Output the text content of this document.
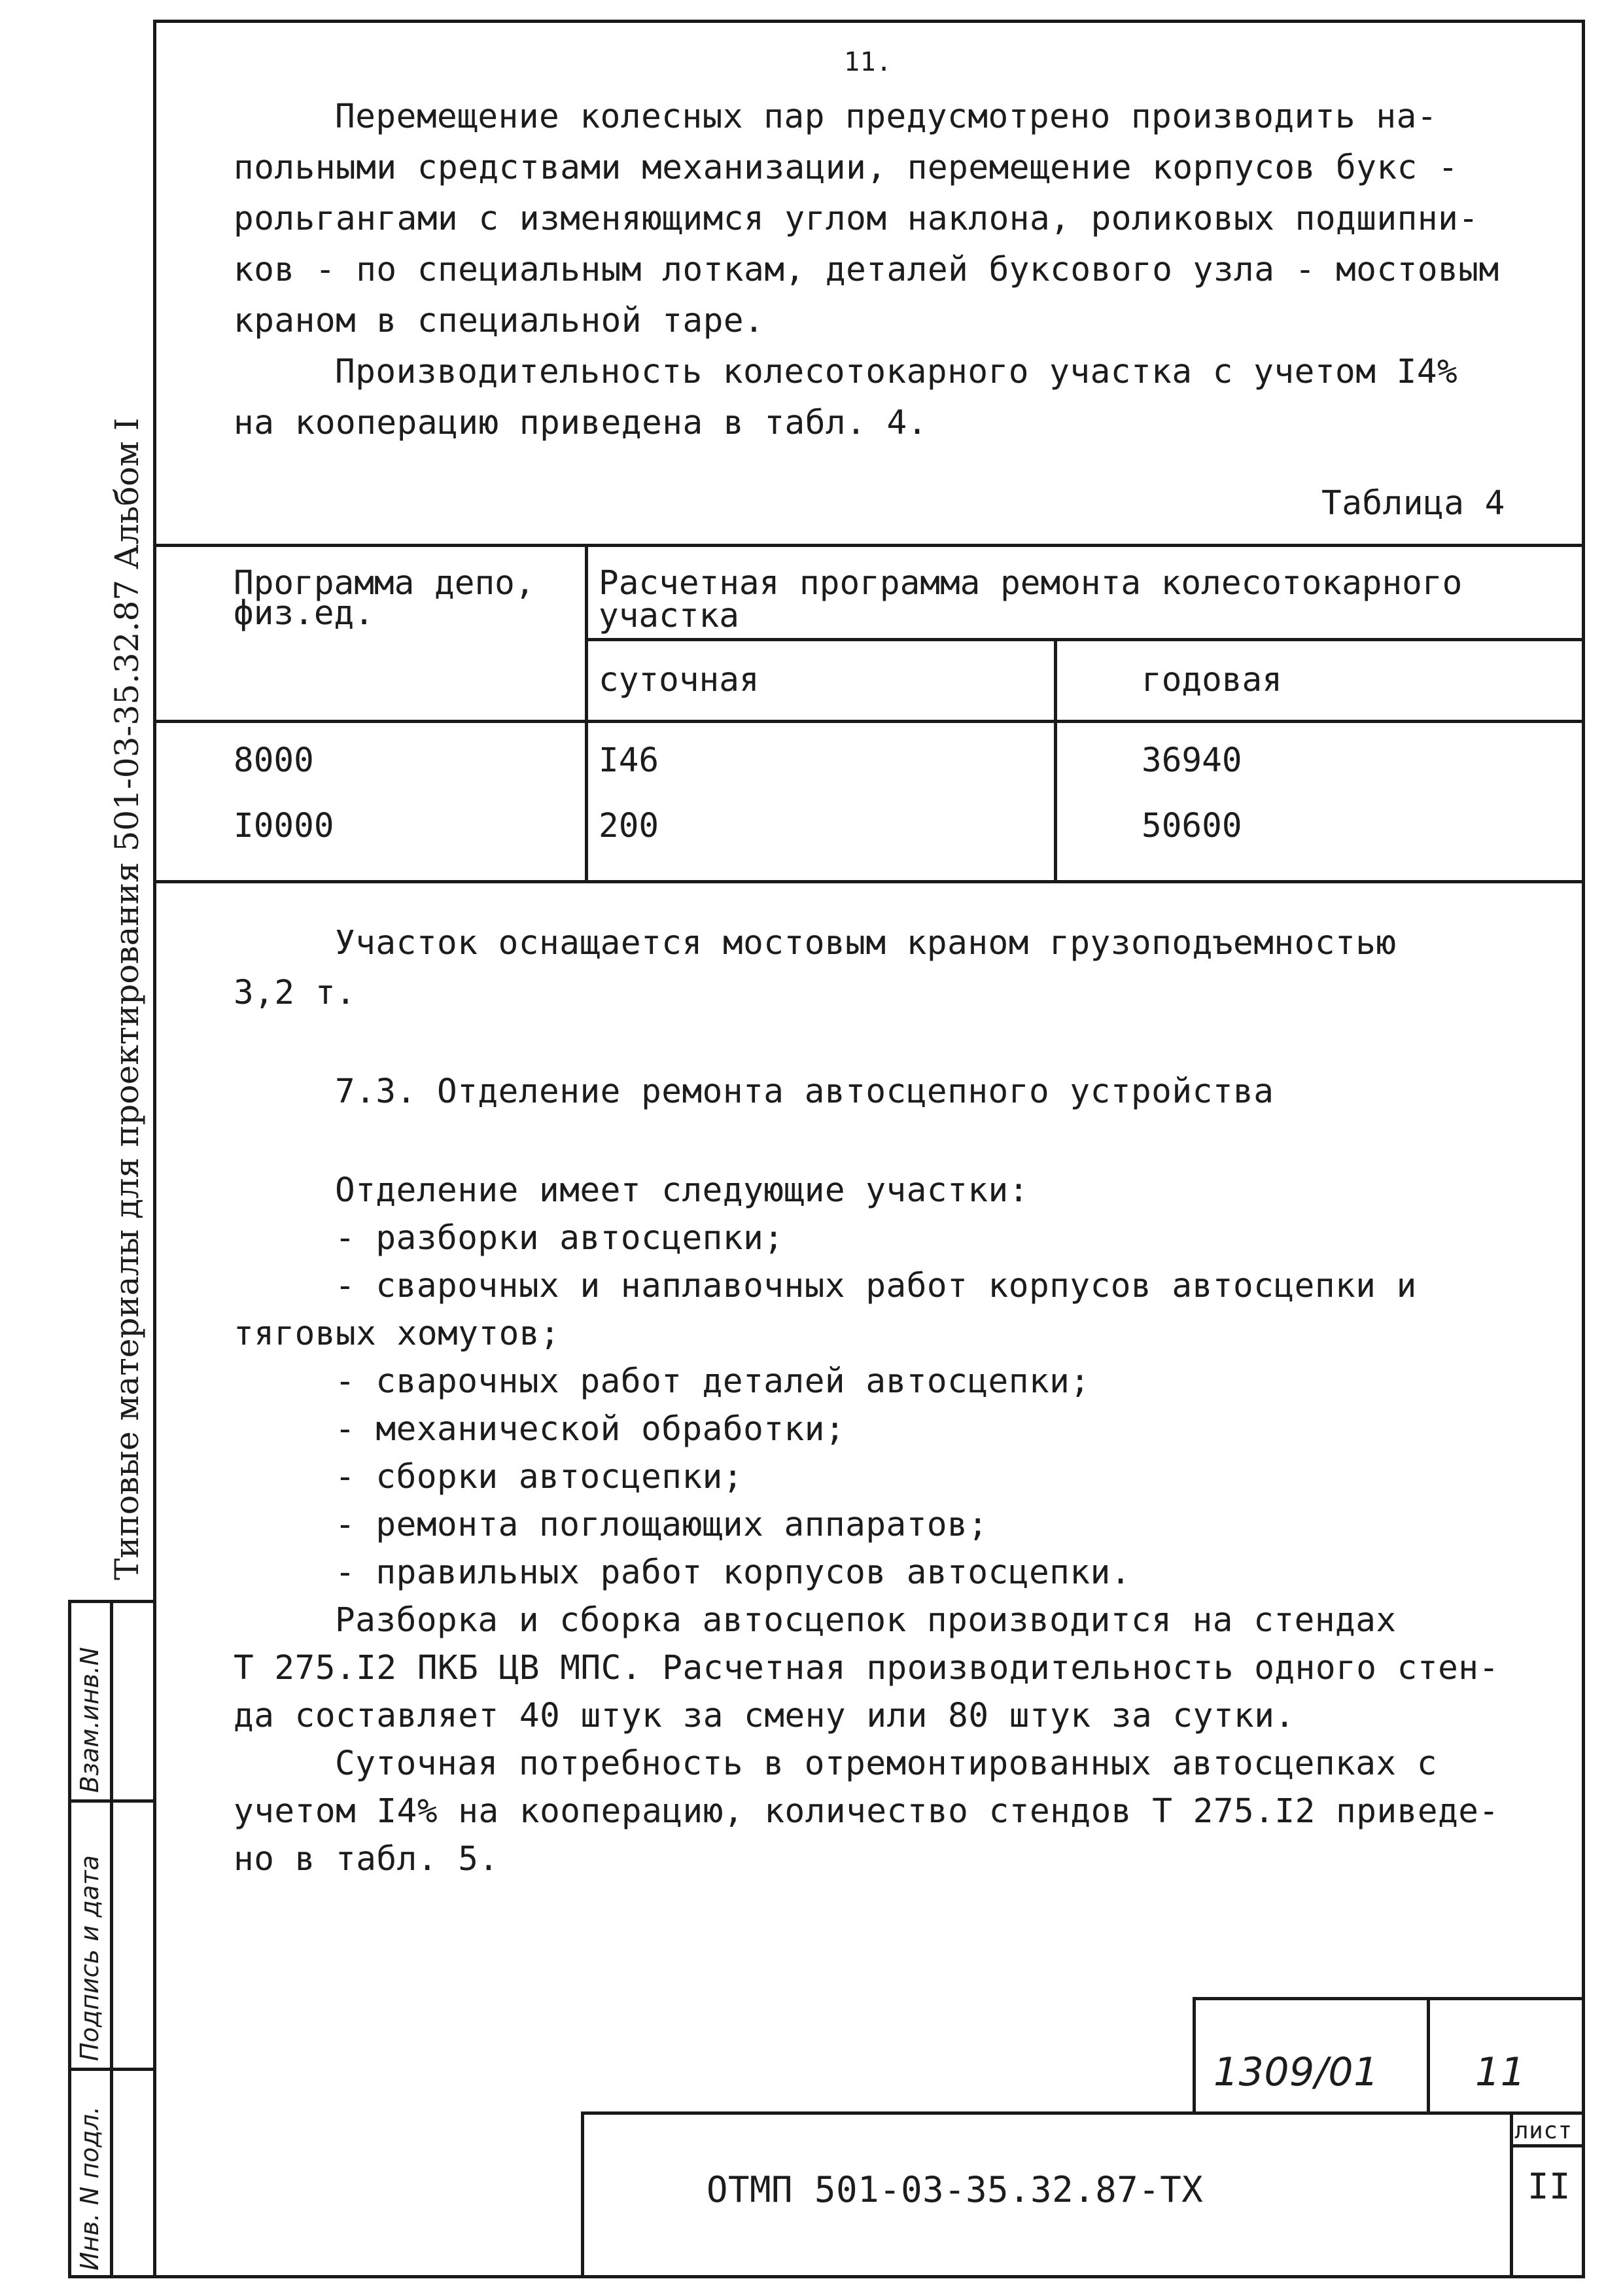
Инв. N подл.
Подпись и дата
Взам.инв.N
Типовые материалы для проектирования 501-03-35.32.87 Альбом I
11.
Перемещение колесных пар предусмотрено производить на-
польными средствами механизации, перемещение корпусов букс -
рольгангами с изменяющимся углом наклона, роликовых подшипни-
ков - по специальным лоткам, деталей буксового узла - мостовым
краном в специальной таре.
Производительность колесотокарного участка с учетом I4%
на кооперацию приведена в табл. 4.
Таблица 4
Программа депо,
физ.ед.
Расчетная программа ремонта колесотокарного
участка
суточная	годовая
8000	I46	36940
I0000	200	50600
Участок оснащается мостовым краном грузоподъемностью
3,2 т.
7.3. Отделение ремонта автосцепного устройства
Отделение имеет следующие участки:
- разборки автосцепки;
- сварочных и наплавочных работ корпусов автосцепки и
тяговых хомутов;
- сварочных работ деталей автосцепки;
- механической обработки;
- сборки автосцепки;
- ремонта поглощающих аппаратов;
- правильных работ корпусов автосцепки.
Разборка и сборка автосцепок производится на стендах
Т 275.I2 ПКБ ЦВ МПС. Расчетная производительность одного стен-
да составляет 40 штук за смену или 80 штук за сутки.
Суточная потребность в отремонтированных автосцепках с
учетом I4% на кооперацию, количество стендов Т 275.I2 приведе-
но в табл. 5.
1309/01 11
ОТМП 501-03-35.32.87-ТХ
лист
II
